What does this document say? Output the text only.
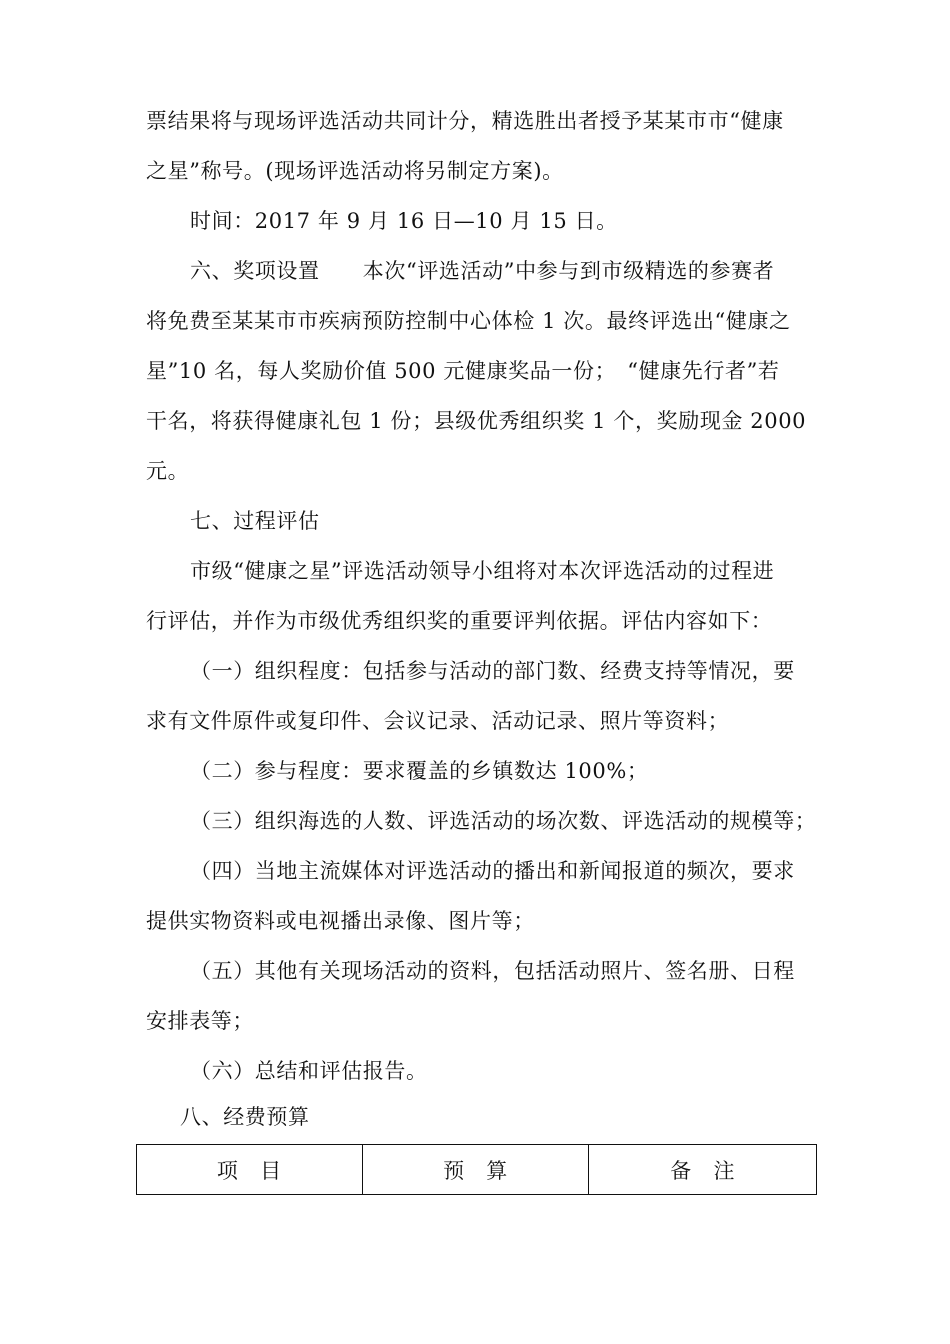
票结果将与现场评选活动共同计分，精选胜出者授予某某市市“健康
之星”称号。(现场评选活动将另制定方案)。
时间：2017 年 9 月 16 日—10 月 15 日。
六、奖项设置　　本次“评选活动”中参与到市级精选的参赛者
将免费至某某市市疾病预防控制中心体检 1 次。最终评选出“健康之
星”10 名，每人奖励价值 500 元健康奖品一份；　“健康先行者”若
干名，将获得健康礼包 1 份；县级优秀组织奖 1 个，奖励现金 2000
元。
七、过程评估
市级“健康之星”评选活动领导小组将对本次评选活动的过程进
行评估，并作为市级优秀组织奖的重要评判依据。评估内容如下：
（一）组织程度：包括参与活动的部门数、经费支持等情况，要
求有文件原件或复印件、会议记录、活动记录、照片等资料；
（二）参与程度：要求覆盖的乡镇数达 100%；
（三）组织海选的人数、评选活动的场次数、评选活动的规模等；
（四）当地主流媒体对评选活动的播出和新闻报道的频次，要求
提供实物资料或电视播出录像、图片等；
（五）其他有关现场活动的资料，包括活动照片、签名册、日程
安排表等；
（六）总结和评估报告。
八、经费预算
项　目	预　算	备　注
